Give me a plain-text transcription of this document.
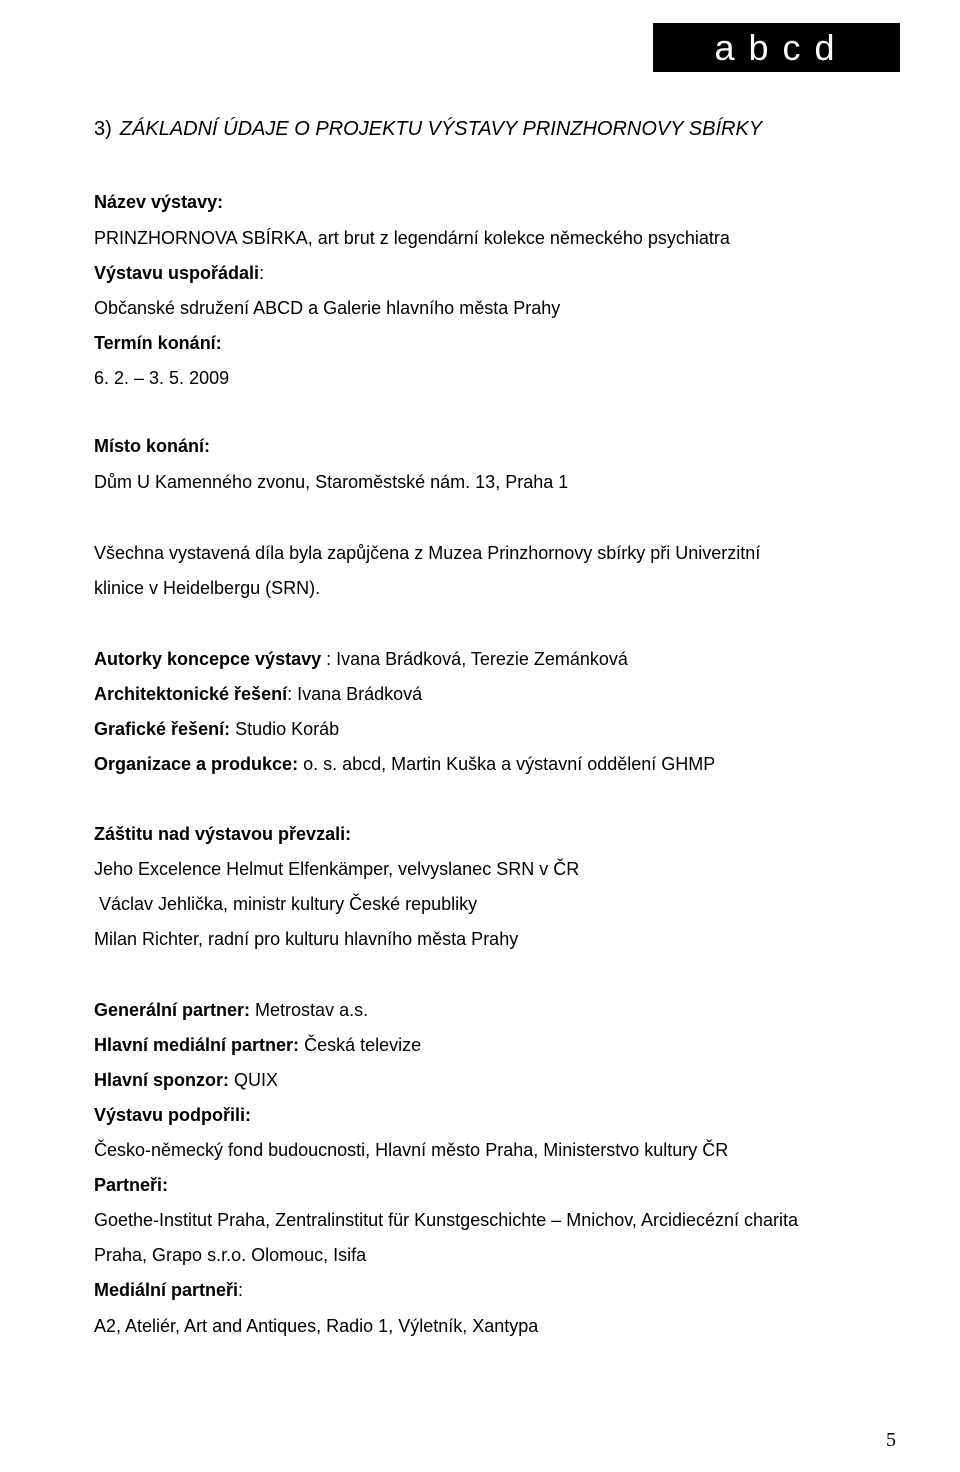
abcd
3) ZÁKLADNÍ ÚDAJE O PROJEKTU VÝSTAVY PRINZHORNOVY SBÍRKY
Název výstavy:
PRINZHORNOVA SBÍRKA, art brut z legendární kolekce německého psychiatra
Výstavu uspořádali:
Občanské sdružení ABCD a Galerie hlavního města Prahy
Termín konání:
6. 2. – 3. 5. 2009
Místo konání:
Dům U Kamenného zvonu, Staroměstské nám. 13, Praha 1
Všechna vystavená díla byla zapůjčena z Muzea Prinzhornovy sbírky při Univerzitní
klinice v Heidelbergu (SRN).
Autorky koncepce výstavy : Ivana Brádková, Terezie Zemánková
Architektonické řešení: Ivana Brádková
Grafické řešení: Studio Koráb
Organizace a produkce: o. s. abcd, Martin Kuška a výstavní oddělení GHMP
Záštitu nad výstavou převzali:
Jeho Excelence Helmut Elfenkämper, velvyslanec SRN v ČR
Václav Jehlička, ministr kultury České republiky
Milan Richter, radní pro kulturu hlavního města Prahy
Generální partner: Metrostav a.s.
Hlavní mediální partner: Česká televize
Hlavní sponzor: QUIX
Výstavu podpořili:
Česko-německý fond budoucnosti, Hlavní město Praha, Ministerstvo kultury ČR
Partneři:
Goethe-Institut Praha, Zentralinstitut für Kunstgeschichte – Mnichov, Arcidiecézní charita
Praha, Grapo s.r.o. Olomouc, Isifa
Mediální partneři:
A2, Ateliér, Art and Antiques, Radio 1, Výletník, Xantypa
5
